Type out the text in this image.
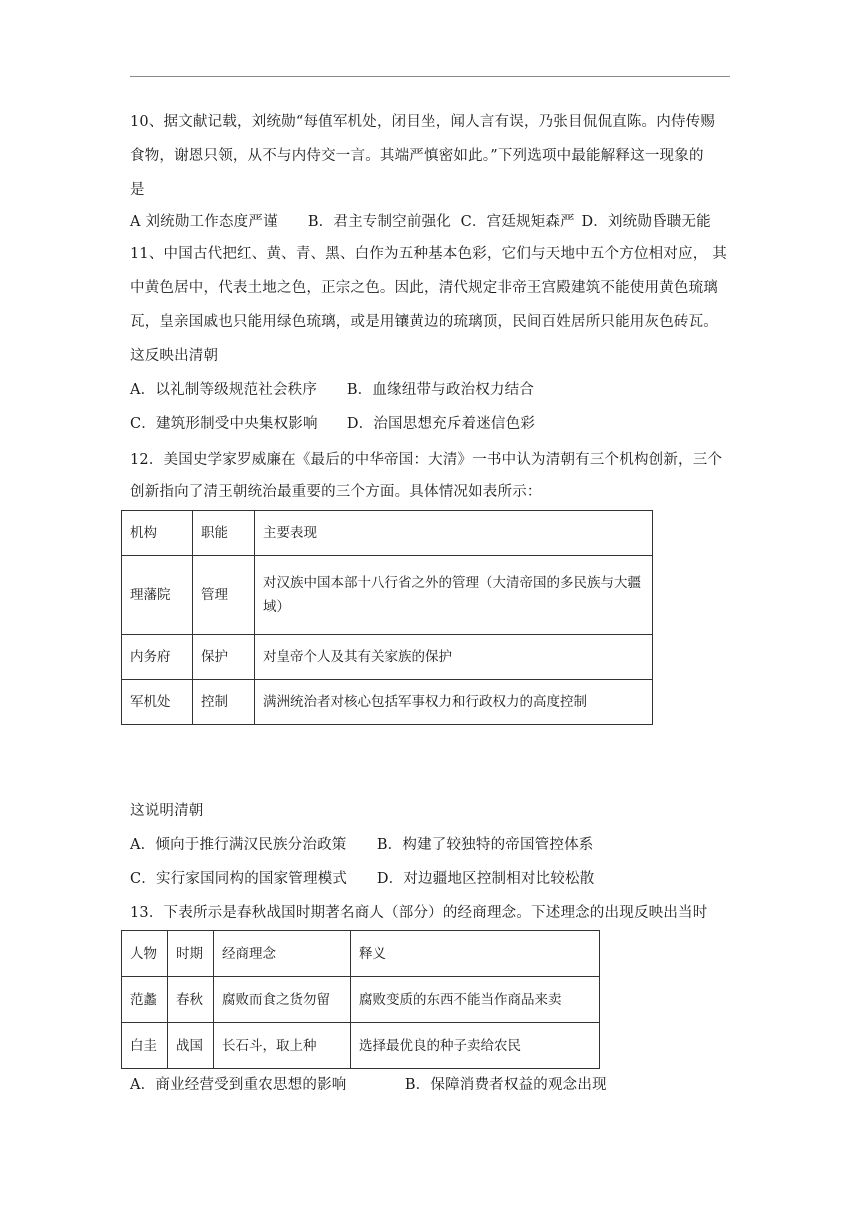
10、据文献记载，刘统勋“每值军机处，闭目坐，闻人言有误，乃张目侃侃直陈。内侍传赐
食物，谢恩只领，从不与内侍交一言。其端严慎密如此。”下列选项中最能解释这一现象的
是
A 刘统勋工作态度严谨 B．君主专制空前强化 C．宫廷规矩森严 D．刘统勋昏聩无能
11、中国古代把红、黄、青、黑、白作为五种基本色彩，它们与天地中五个方位相对应， 其
中黄色居中，代表土地之色，正宗之色。因此，清代规定非帝王宫殿建筑不能使用黄色琉璃
瓦，皇亲国戚也只能用绿色琉璃，或是用镶黄边的琉璃顶，民间百姓居所只能用灰色砖瓦。
这反映出清朝
A．以礼制等级规范社会秩序 B．血缘纽带与政治权力结合
C．建筑形制受中央集权影响 D．治国思想充斥着迷信色彩
12．美国史学家罗威廉在《最后的中华帝国：大清》一书中认为清朝有三个机构创新，三个
创新指向了清王朝统治最重要的三个方面。具体情况如表所示：
机构	职能	主要表现
理藩院	管理	对汉族中国本部十八行省之外的管理（大清帝国的多民族与大疆域）
内务府	保护	对皇帝个人及其有关家族的保护
军机处	控制	满洲统治者对核心包括军事权力和行政权力的高度控制
这说明清朝
A．倾向于推行满汉民族分治政策 B．构建了较独特的帝国管控体系
C．实行家国同构的国家管理模式 D．对边疆地区控制相对比较松散
13．下表所示是春秋战国时期著名商人（部分）的经商理念。下述理念的出现反映出当时
人物	时期	经商理念	释义
范蠡	春秋	腐败而食之货勿留	腐败变质的东西不能当作商品来卖
白圭	战国	长石斗，取上种	选择最优良的种子卖给农民
A．商业经营受到重农思想的影响	B．保障消费者权益的观念出现
